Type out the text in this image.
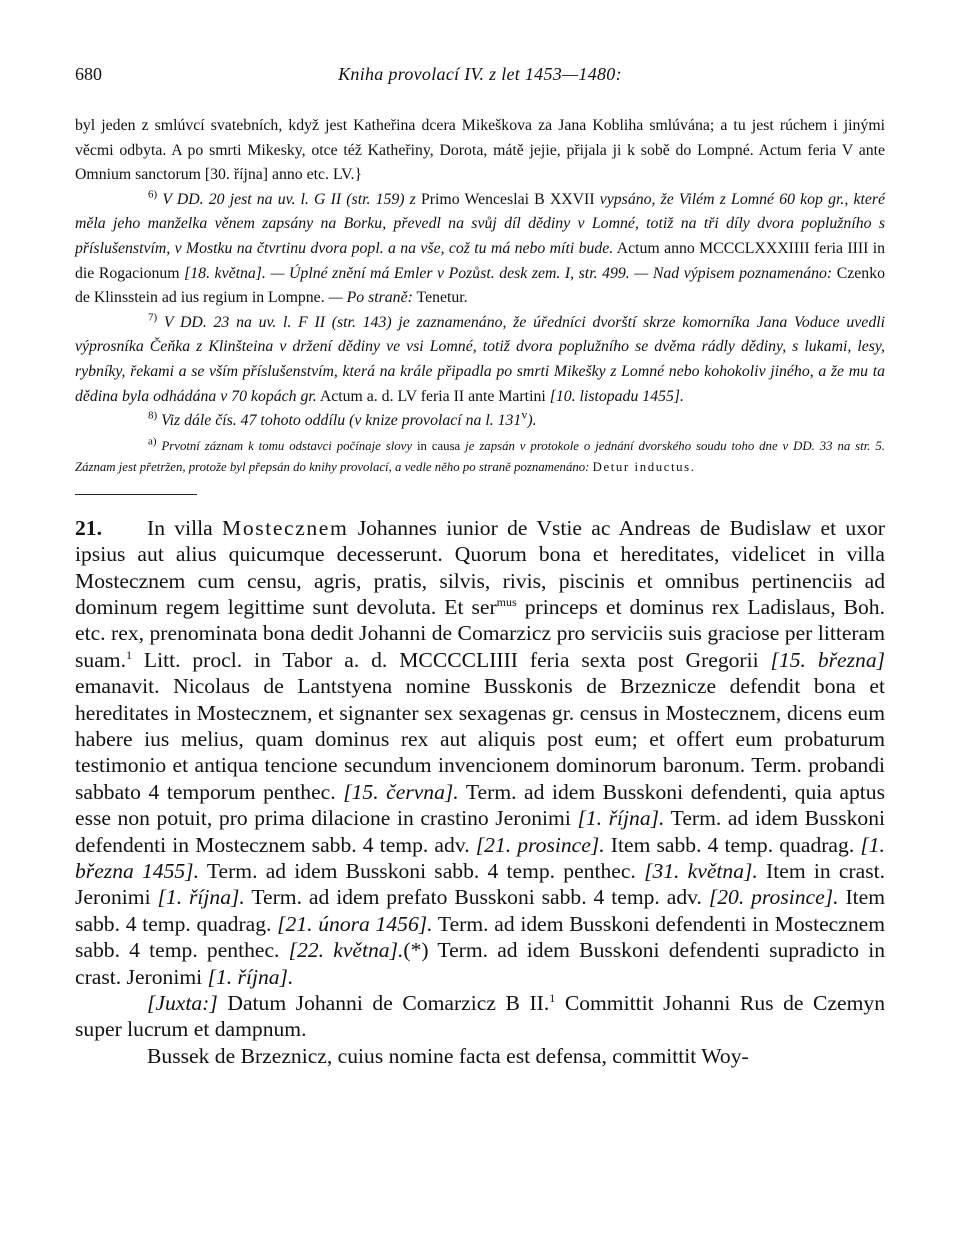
680	Kniha provolací IV. z let 1453—1480:

byl jeden z smlúvcí svatebních, když jest Katheřina dcera Mikeškova za Jana Kobliha smlúvána; a tu jest rúchem i jinými věcmi odbyta. A po smrti Mikesky, otce též Katheřiny, Dorota, mátě jejie, přijala ji k sobě do Lompné. Actum feria V ante Omnium sanctorum [30. října] anno etc. LV.}

$^{6)}$ V DD. 20 jest na uv. l. G II (str. 159) z Primo Wenceslai B XXVII vypsáno, že Vilém z Lomné 60 kop gr., které měla jeho manželka věnem zapsány na Borku, převedl na svůj díl dědiny v Lomné, totiž na tři díly dvora poplužního s příslušenstvím, v Mostku na čtvrtinu dvora popl. a na vše, což tu má nebo míti bude. Actum anno MCCCLXXXIIII feria IIII in die Rogacionum [18. května]. — Úplné znění má Emler v Pozůst. desk zem. I, str. 499. — Nad výpisem poznamenáno: Czenko de Klinsstein ad ius regium in Lompne. — Po straně: Tenetur.

$^{7)}$ V DD. 23 na uv. l. F II (str. 143) je zaznamenáno, že úředníci dvorští skrze komorníka Jana Voduce uvedli výprosníka Čeňka z Klinšteina v držení dědiny ve vsi Lomné, totiž dvora poplužního se dvěma rádly dědiny, s lukami, lesy, rybníky, řekami a se vším příslušenstvím, která na krále připadla po smrti Mikešky z Lomné nebo kohokoliv jiného, a že mu ta dědina byla odhádána v 70 kopách gr. Actum a. d. LV feria II ante Martini [10. listopadu 1455].

$^{8)}$ Viz dále čís. 47 tohoto oddílu (v knize provolací na l. 131$^v$).

a) Prvotní záznam k tomu odstavci počínaje slovy in causa je zapsán v protokole o jednání dvorského soudu toho dne v DD. 33 na str. 5. Záznam jest přetržen, protože byl přepsán do knihy provolací, a vedle něho po straně poznamenáno: Detur inductus.

21. In villa Mostecznem Johannes iunior de Vstie ac Andreas de Budislaw et uxor ipsius aut alius quicumque decesserunt. Quorum bona et hereditates, videlicet in villa Mostecznem cum censu, agris, pratis, silvis, rivis, piscinis et omnibus pertinenciis ad dominum regem legittime sunt devoluta. Et ser$^{mus}$ princeps et dominus rex Ladislaus, Boh. etc. rex, prenominata bona dedit Johanni de Comarzicz pro serviciis suis graciose per litteram suam.$^1$ Litt. procl. in Tabor a. d. MCCCCLIIII feria sexta post Gregorii [15. března] emanavit. Nicolaus de Lantstyena nomine Busskonis de Brzeznicze defendit bona et hereditates in Mostecznem, et signanter sex sexagenas gr. census in Mostecznem, dicens eum habere ius melius, quam dominus rex aut aliquis post eum; et offert eum probaturum testimonio et antiqua tencione secundum invencionem dominorum baronum. Term. probandi sabbato 4 temporum penthec. [15. června]. Term. ad idem Busskoni defendenti, quia aptus esse non potuit, pro prima dilacione in crastino Jeronimi [1. října]. Term. ad idem Busskoni defendenti in Mostecznem sabb. 4 temp. adv. [21. prosince]. Item sabb. 4 temp. quadrag. [1. března 1455]. Term. ad idem Busskoni sabb. 4 temp. penthec. [31. května]. Item in crast. Jeronimi [1. října]. Term. ad idem prefato Busskoni sabb. 4 temp. adv. [20. prosince]. Item sabb. 4 temp. quadrag. [21. února 1456]. Term. ad idem Busskoni defendenti in Mostecznem sabb. 4 temp. penthec. [22. května].(*) Term. ad idem Busskoni defendenti supradicto in crast. Jeronimi [1. října].

[Juxta:] Datum Johanni de Comarzicz B II.$^1$ Committit Johanni Rus de Czemyn super lucrum et dampnum.

Bussek de Brzeznicz, cuius nomine facta est defensa, committit Woy-
